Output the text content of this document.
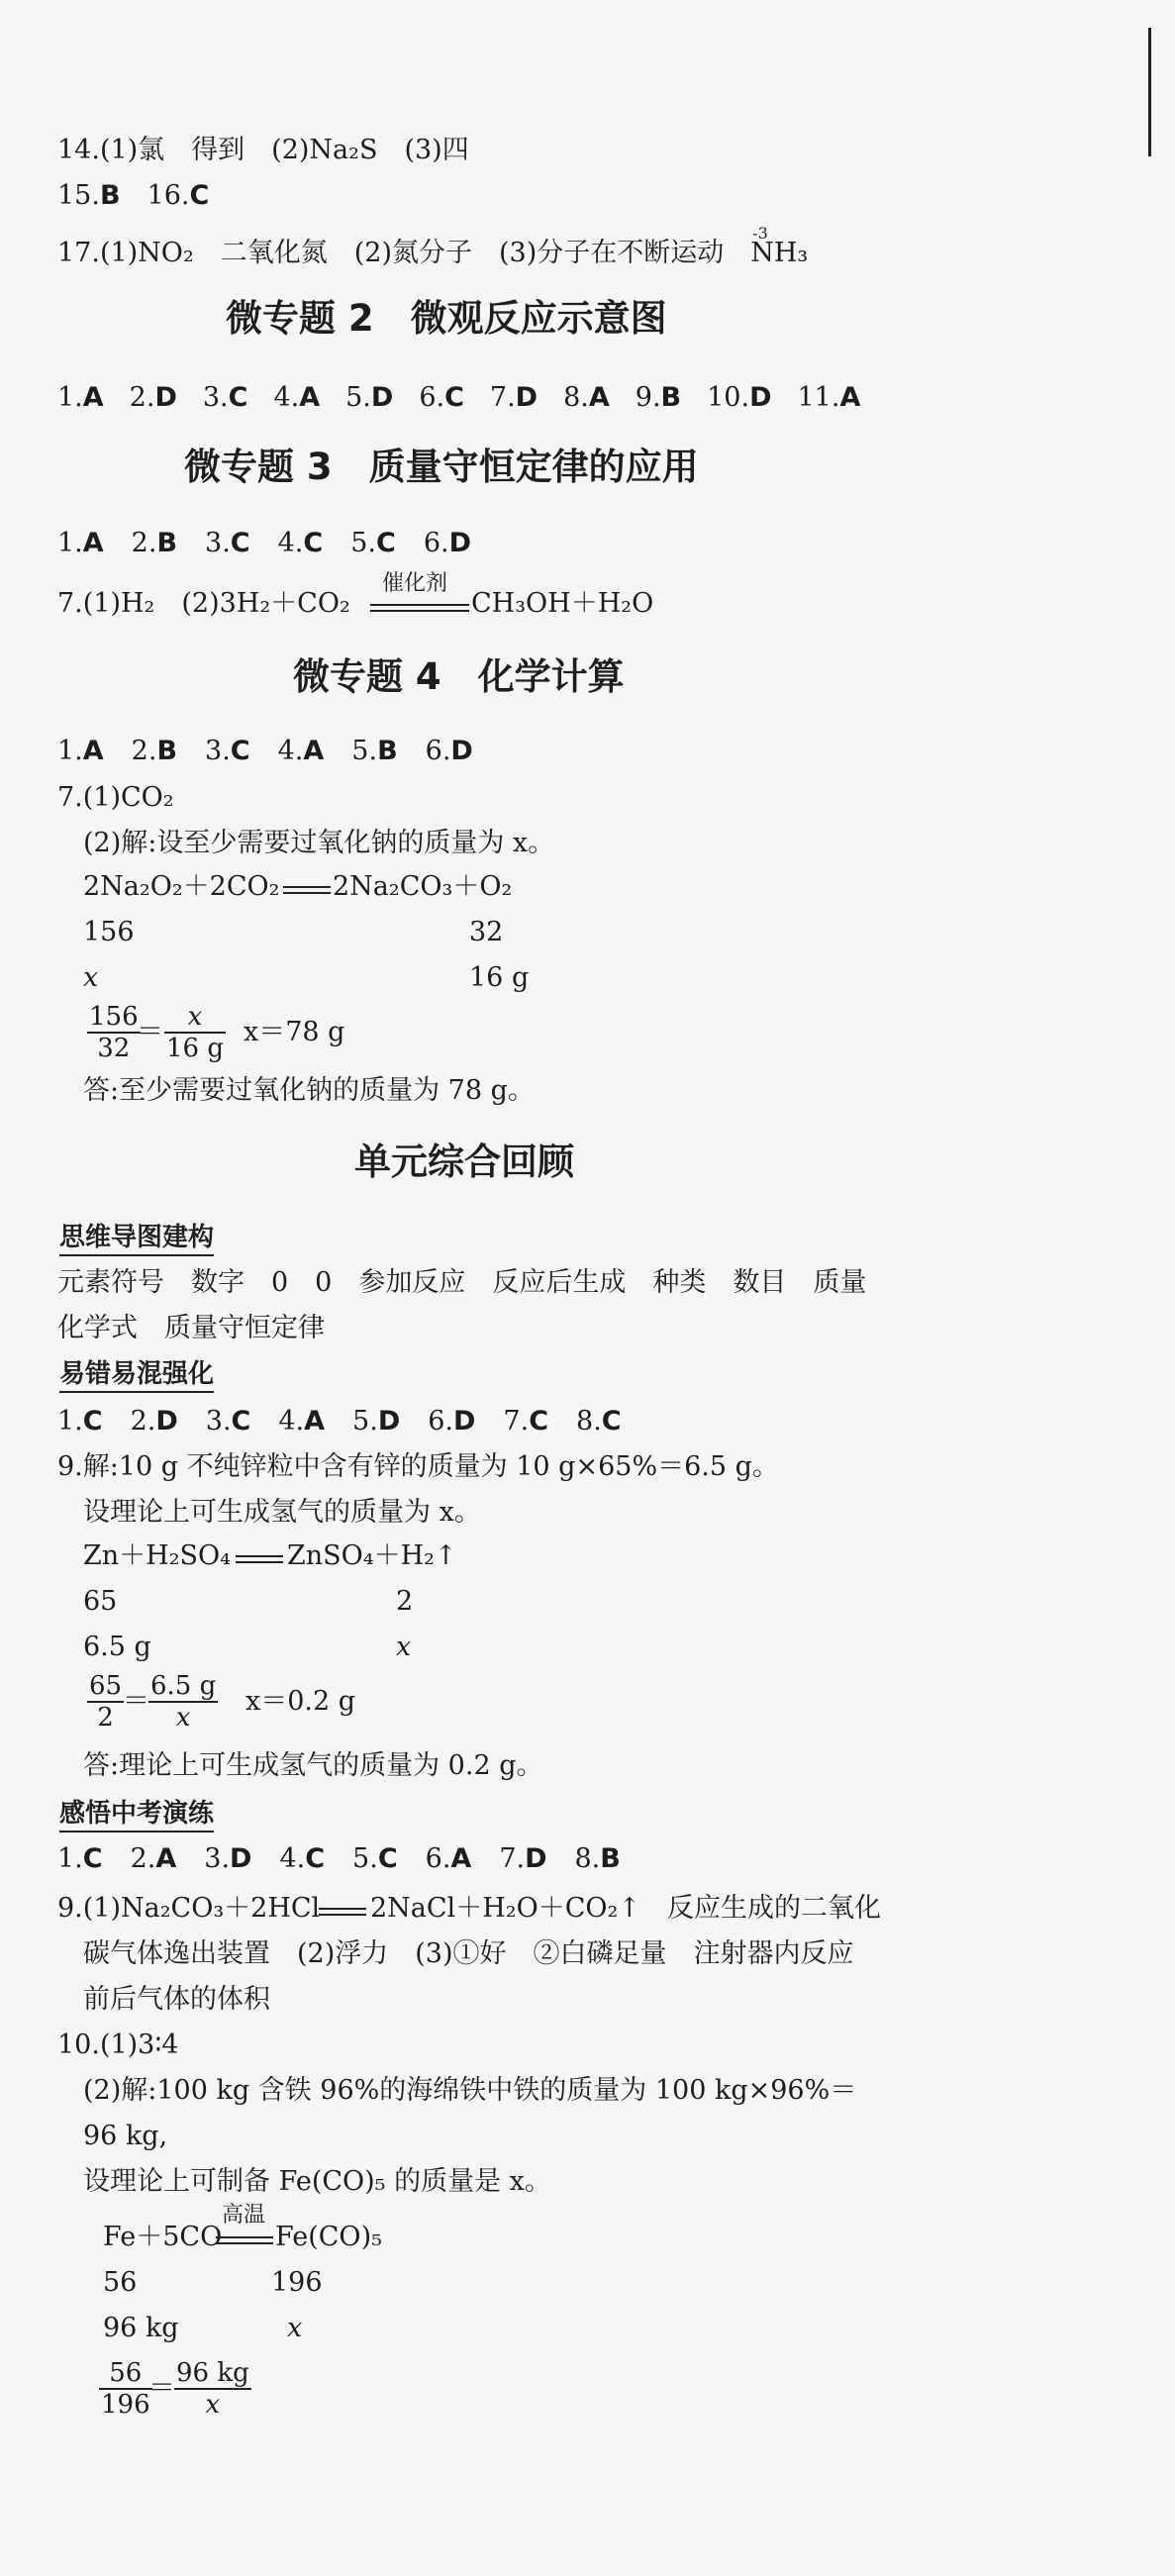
14.(1)氯　得到　(2)Na₂S　(3)四
15.B　 16.C
17.(1)NO₂　二氧化氮　(2)氮分子　(3)分子在不断运动　
-3
NH₃
微专题 2　微观反应示意图
1.A 2.D 3.C 4.A 5.D 6.C 7.D 8.A 9.B 10.D 11.A
微专题 3　质量守恒定律的应用
1.A 2.B 3.C 4.C 5.C 6.D
7.(1)H₂　(2)3H₂＋CO₂
催化剂
CH₃OH＋H₂O
微专题 4　化学计算
1.A 2.B 3.C 4.A 5.B 6.D
7.(1)CO₂
(2)解:设至少需要过氧化钠的质量为 x。
2Na₂O₂＋2CO₂ 2Na₂CO₃＋O₂
156	32
x	16 g
$\frac{156}{32}$
＝ $\frac{x}{16 g} x=78$ g
答:至少需要过氧化钠的质量为 78 g。
单元综合回顾
思维导图建构
元素符号　数字　0　0　参加反应　反应后生成　种类　数目　质量
化学式　质量守恒定律
易错易混强化
1.C 2.D 3.C 4.A 5.D 6.D 7.C 8.C
9.解:10 g 不纯锌粒中含有锌的质量为 10 g×65%＝6.5 g。
设理论上可生成氢气的质量为 x。
Zn＋H₂SO₄ ZnSO₄＋H₂↑
65	2
6.5 g	x
$\frac{65}{2}$
＝ $\frac{6.5 g}{x} x=0.2$ g
答:理论上可生成氢气的质量为 0.2 g。
感悟中考演练
1.C 2.A 3.D 4.C 5.C 6.A 7.D 8.B
9.(1)Na₂CO₃＋2HCl 2NaCl＋H₂O＋CO₂↑　反应生成的二氧化
碳气体逸出装置　(2)浮力　(3)①好　②白磷足量　注射器内反应
前后气体的体积
10.(1)3∶4
(2)解:100 kg 含铁 96%的海绵铁中铁的质量为 100 kg×96%＝
96 kg,
设理论上可制备 Fe(CO)₅ 的质量是 x。
Fe＋5CO
高温
Fe(CO)₅
56	196
96 kg	x
$\frac{56}{196}$
＝ $\frac{96 kg}{x}$
